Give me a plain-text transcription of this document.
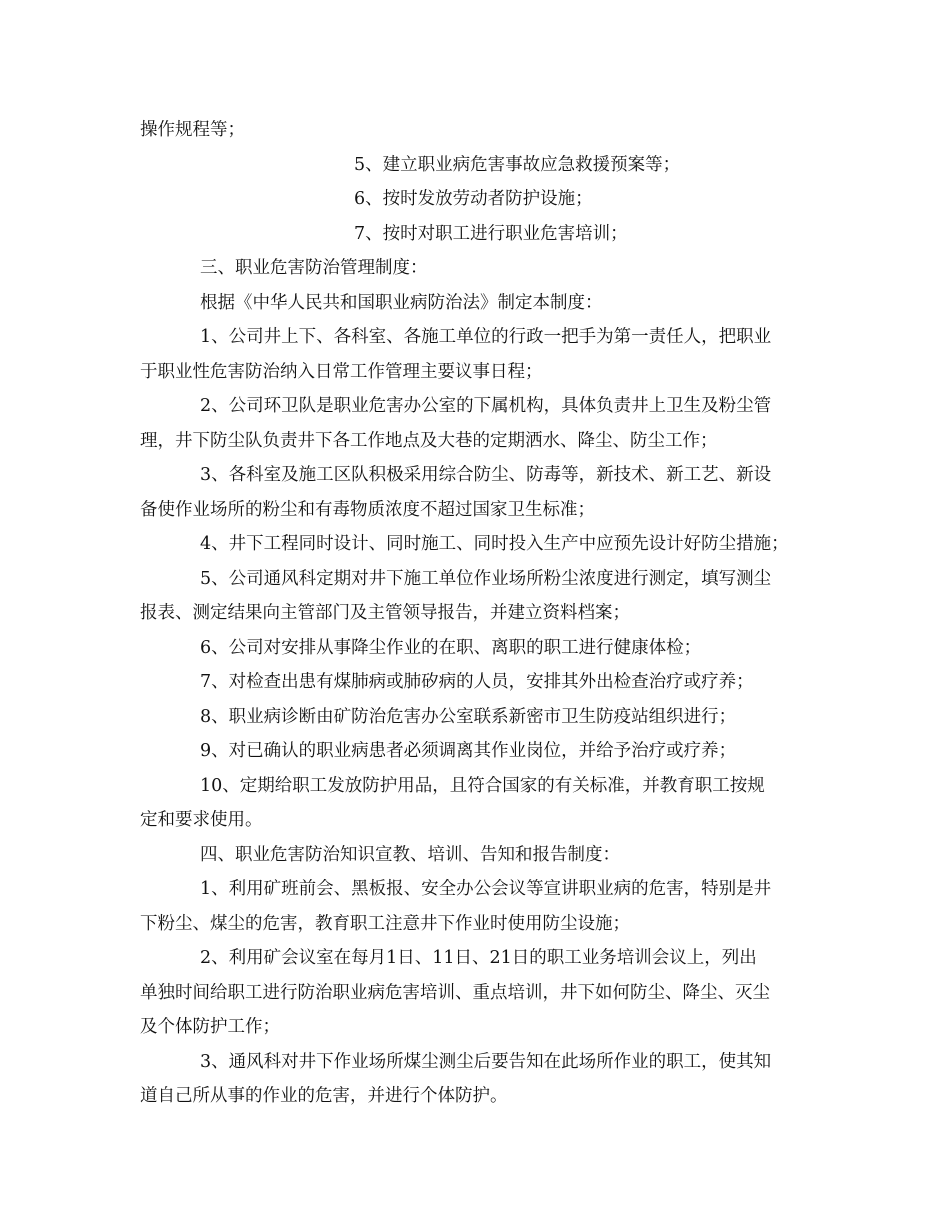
操作规程等；
5、建立职业病危害事故应急救援预案等；
6、按时发放劳动者防护设施；
7、按时对职工进行职业危害培训；
三、职业危害防治管理制度：
根据《中华人民共和国职业病防治法》制定本制度：
1、公司井上下、各科室、各施工单位的行政一把手为第一责任人，把职业
于职业性危害防治纳入日常工作管理主要议事日程；
2、公司环卫队是职业危害办公室的下属机构，具体负责井上卫生及粉尘管
理，井下防尘队负责井下各工作地点及大巷的定期洒水、降尘、防尘工作；
3、各科室及施工区队积极采用综合防尘、防毒等，新技术、新工艺、新设
备使作业场所的粉尘和有毒物质浓度不超过国家卫生标准；
4、井下工程同时设计、同时施工、同时投入生产中应预先设计好防尘措施；
5、公司通风科定期对井下施工单位作业场所粉尘浓度进行测定，填写测尘
报表、测定结果向主管部门及主管领导报告，并建立资料档案；
6、公司对安排从事降尘作业的在职、离职的职工进行健康体检；
7、对检查出患有煤肺病或肺矽病的人员，安排其外出检查治疗或疗养；
8、职业病诊断由矿防治危害办公室联系新密市卫生防疫站组织进行；
9、对已确认的职业病患者必须调离其作业岗位，并给予治疗或疗养；
10、定期给职工发放防护用品，且符合国家的有关标准，并教育职工按规
定和要求使用。
四、职业危害防治知识宣教、培训、告知和报告制度：
1、利用矿班前会、黑板报、安全办公会议等宣讲职业病的危害，特别是井
下粉尘、煤尘的危害，教育职工注意井下作业时使用防尘设施；
2、利用矿会议室在每月1日、11日、21日的职工业务培训会议上，列出
单独时间给职工进行防治职业病危害培训、重点培训，井下如何防尘、降尘、灭尘
及个体防护工作；
3、通风科对井下作业场所煤尘测尘后要告知在此场所作业的职工，使其知
道自己所从事的作业的危害，并进行个体防护。
